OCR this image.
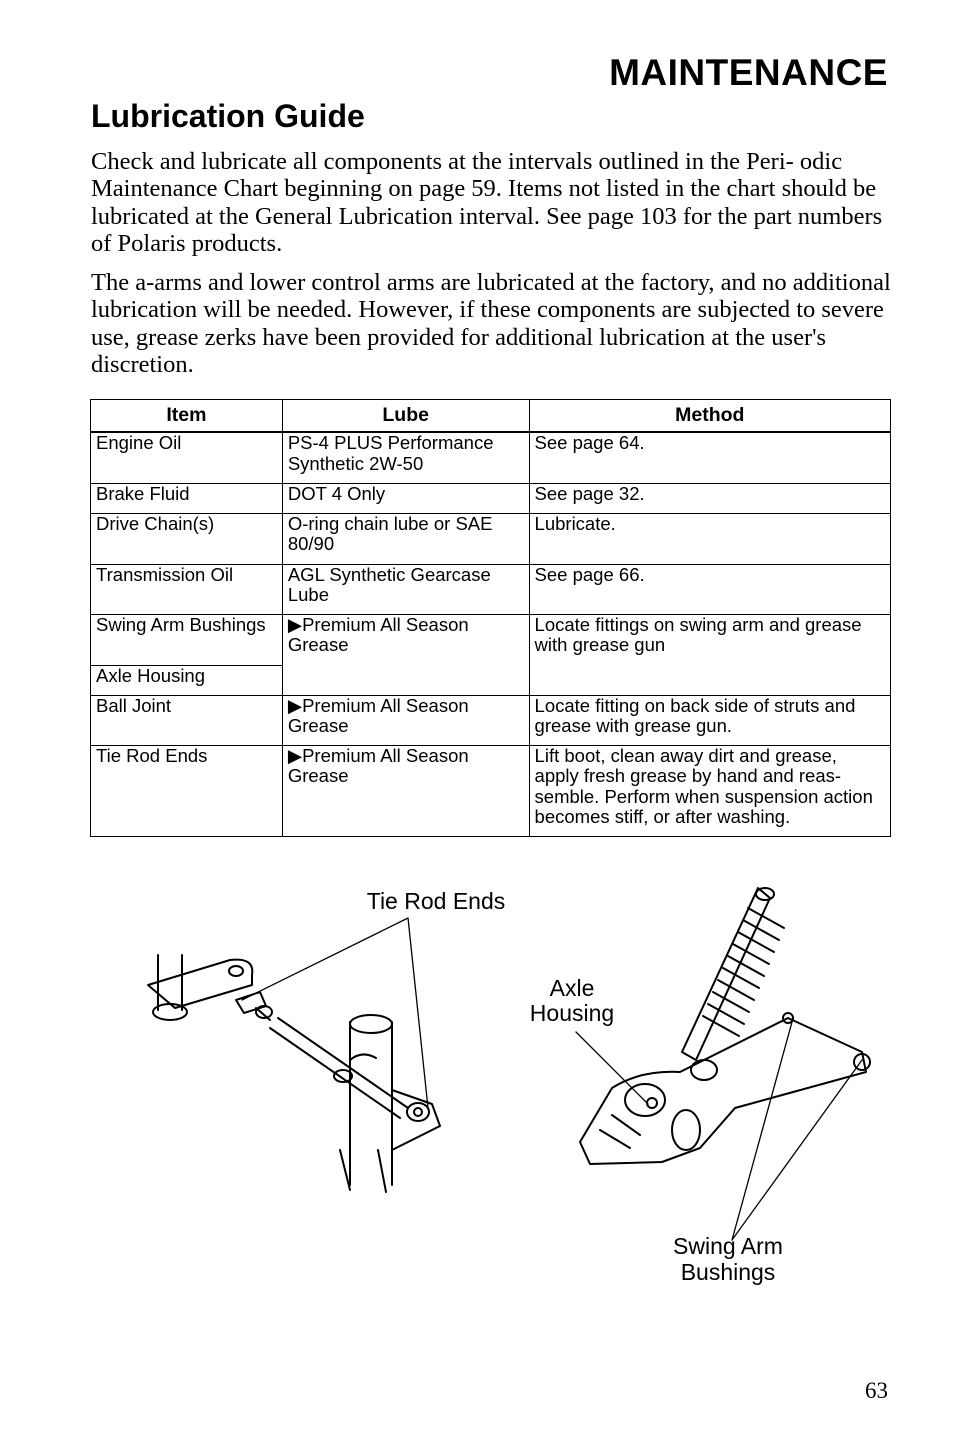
MAINTENANCE
Lubrication Guide

Check and lubricate all components at the intervals outlined in the Peri- odic Maintenance Chart beginning on page 59. Items not listed in the chart should be lubricated at the General Lubrication interval. See page 103 for the part numbers of Polaris products.

The a-arms and lower control arms are lubricated at the factory, and no additional lubrication will be needed. However, if these components are subjected to severe use, grease zerks have been provided for additional lubrication at the user's discretion.

Item	Lube	Method
Engine Oil	PS-4 PLUS Performance Synthetic 2W-50	See page 64.
Brake Fluid	DOT 4 Only	See page 32.
Drive Chain(s)	O-ring chain lube or SAE 80/90	Lubricate.
Transmission Oil	AGL Synthetic Gearcase Lube	See page 66.
Swing Arm Bushings	▶Premium All Season Grease	Locate fittings on swing arm and grease with grease gun
Axle Housing		
Ball Joint	▶Premium All Season Grease	Locate fitting on back side of struts and grease with grease gun.
Tie Rod Ends	▶Premium All Season Grease	Lift boot, clean away dirt and grease, apply fresh grease by hand and reas- semble. Perform when suspension action becomes stiff, or after washing.
Tie Rod Ends
Axle
Housing
Swing Arm
Bushings
63
